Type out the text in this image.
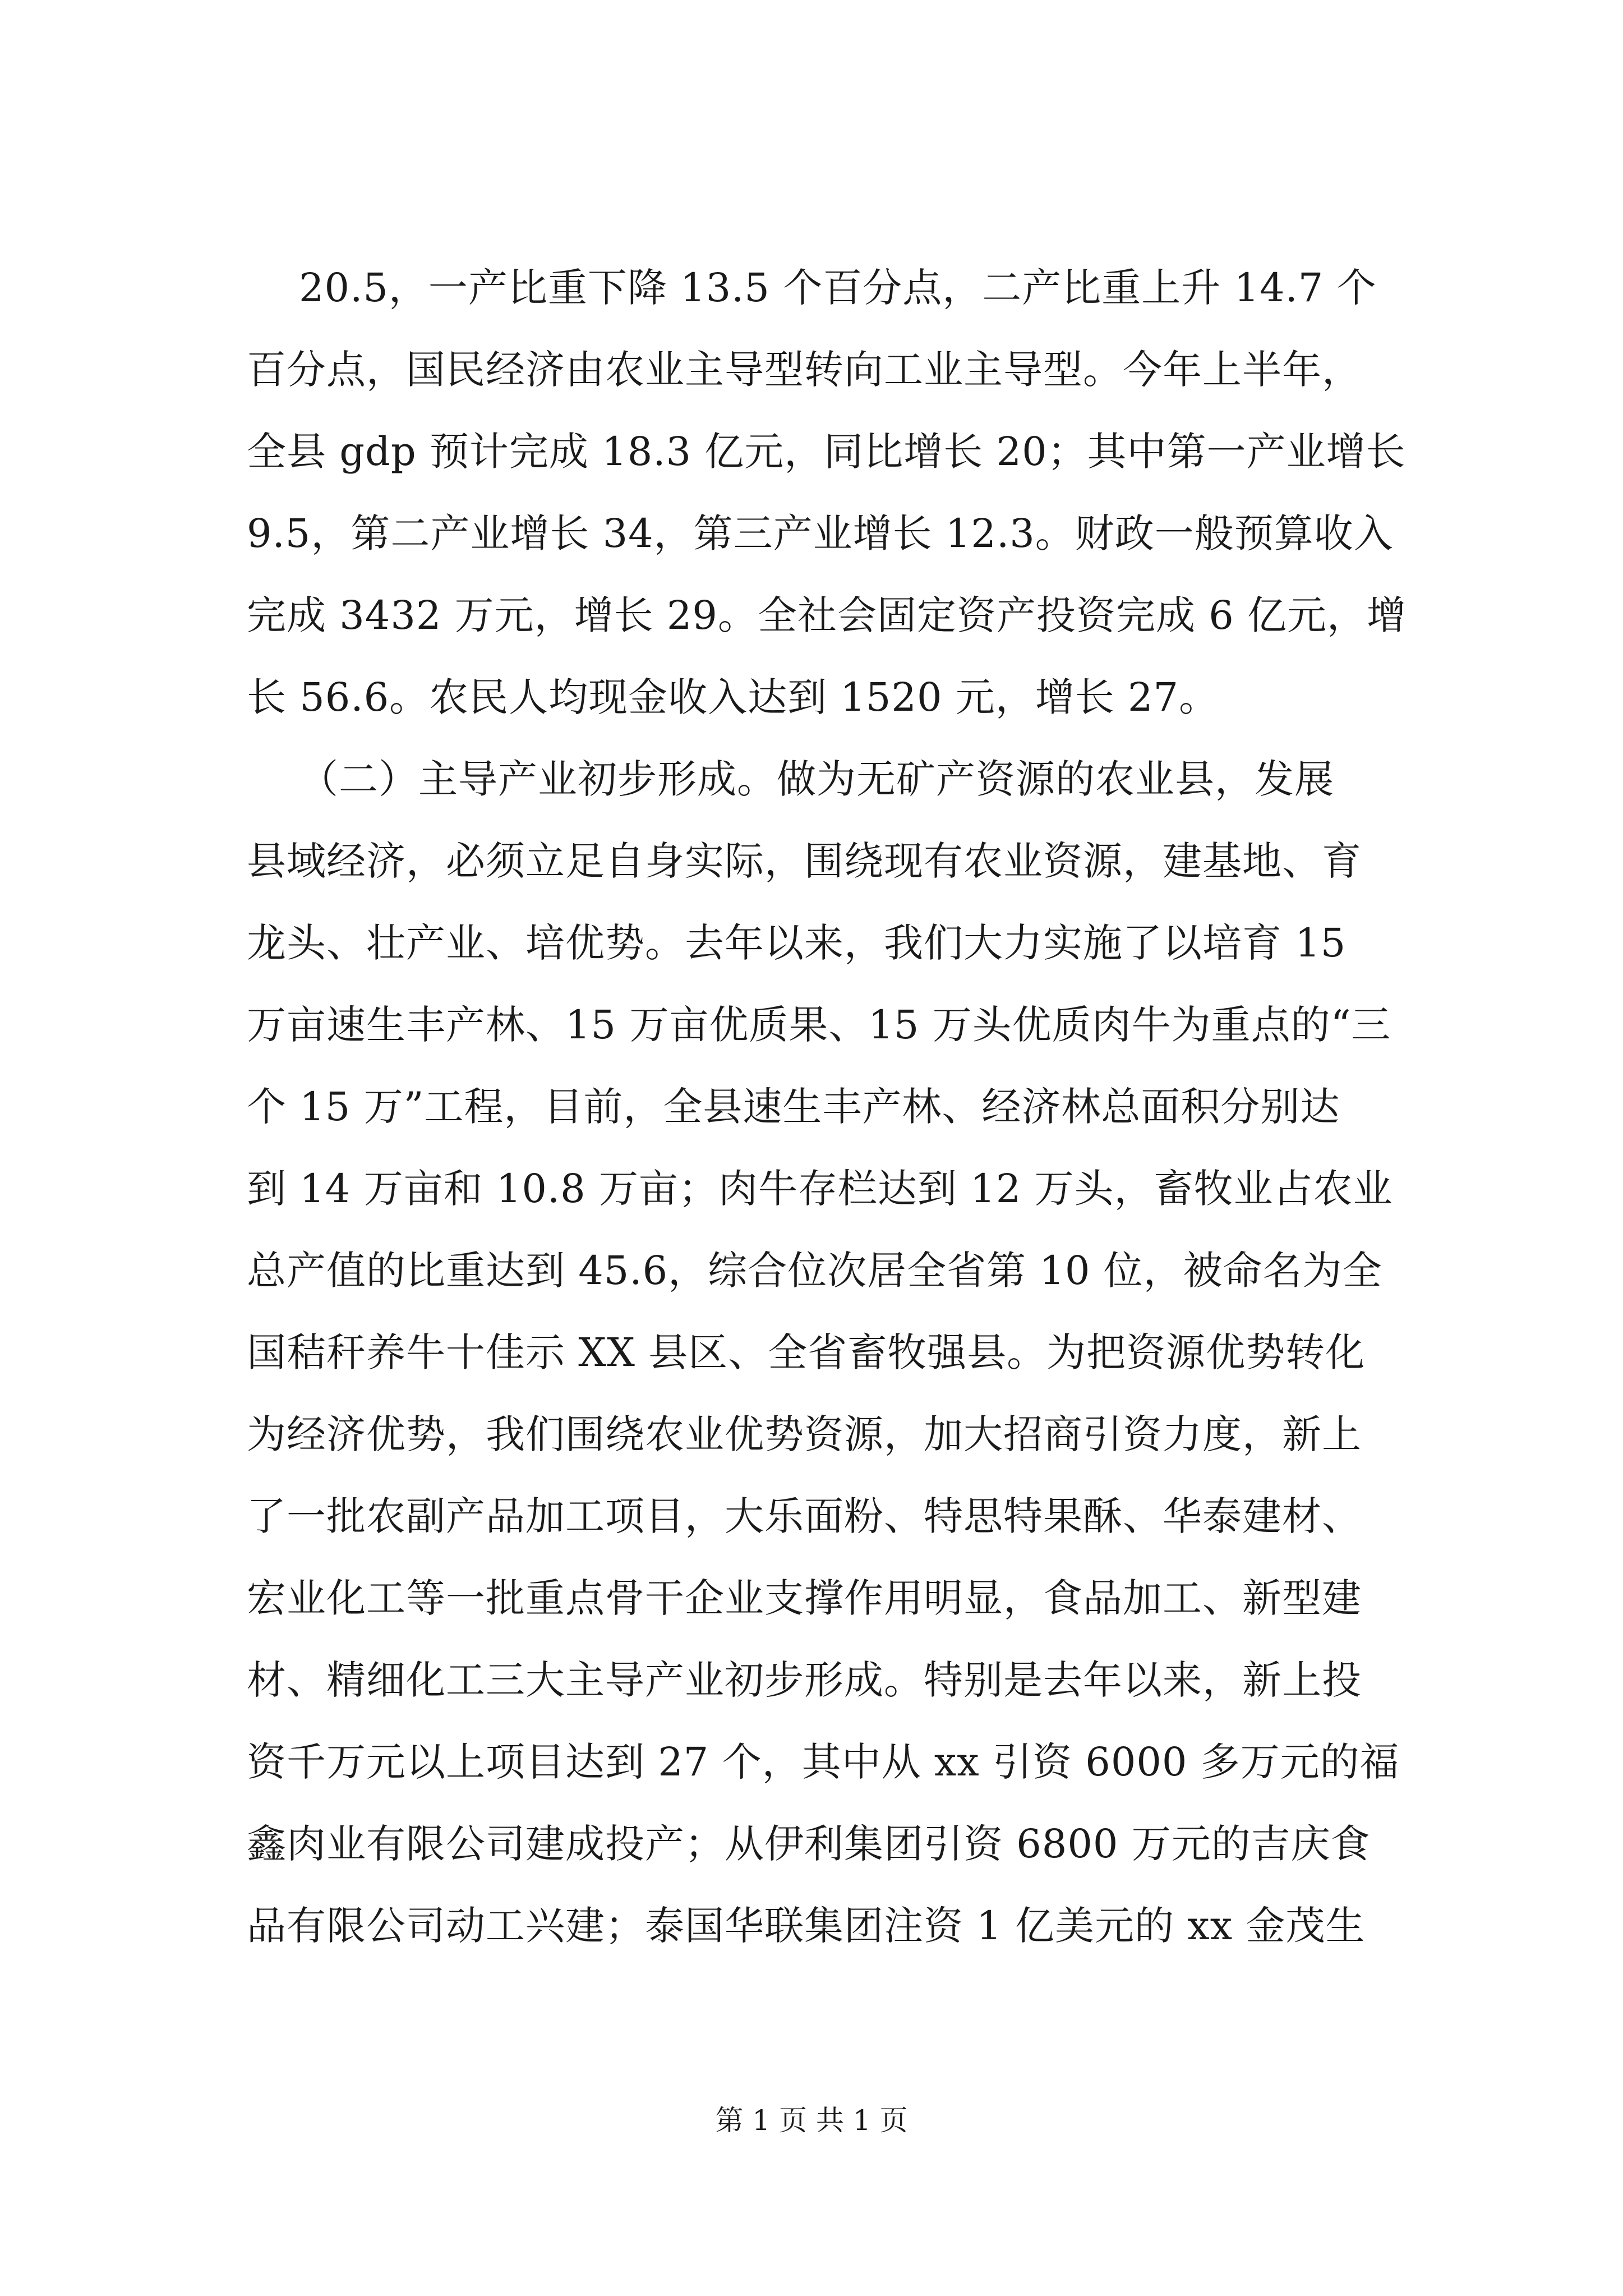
20.5，一产比重下降 13.5 个百分点，二产比重上升 14.7 个
百分点，国民经济由农业主导型转向工业主导型。今年上半年，
全县 gdp 预计完成 18.3 亿元，同比增长 20；其中第一产业增长
9.5，第二产业增长 34，第三产业增长 12.3。财政一般预算收入
完成 3432 万元，增长 29。全社会固定资产投资完成 6 亿元，增
长 56.6。农民人均现金收入达到 1520 元，增长 27。
（二）主导产业初步形成。做为无矿产资源的农业县，发展
县域经济，必须立足自身实际，围绕现有农业资源，建基地、育
龙头、壮产业、培优势。去年以来，我们大力实施了以培育 15
万亩速生丰产林、15 万亩优质果、15 万头优质肉牛为重点的“三
个 15 万”工程，目前，全县速生丰产林、经济林总面积分别达
到 14 万亩和 10.8 万亩；肉牛存栏达到 12 万头，畜牧业占农业
总产值的比重达到 45.6，综合位次居全省第 10 位，被命名为全
国秸秆养牛十佳示 XX 县区、全省畜牧强县。为把资源优势转化
为经济优势，我们围绕农业优势资源，加大招商引资力度，新上
了一批农副产品加工项目，大乐面粉、特思特果酥、华泰建材、
宏业化工等一批重点骨干企业支撑作用明显，食品加工、新型建
材、精细化工三大主导产业初步形成。特别是去年以来，新上投
资千万元以上项目达到 27 个，其中从 xx 引资 6000 多万元的福
鑫肉业有限公司建成投产；从伊利集团引资 6800 万元的吉庆食
品有限公司动工兴建；泰国华联集团注资 1 亿美元的 xx 金茂生
第 1 页 共 1 页
